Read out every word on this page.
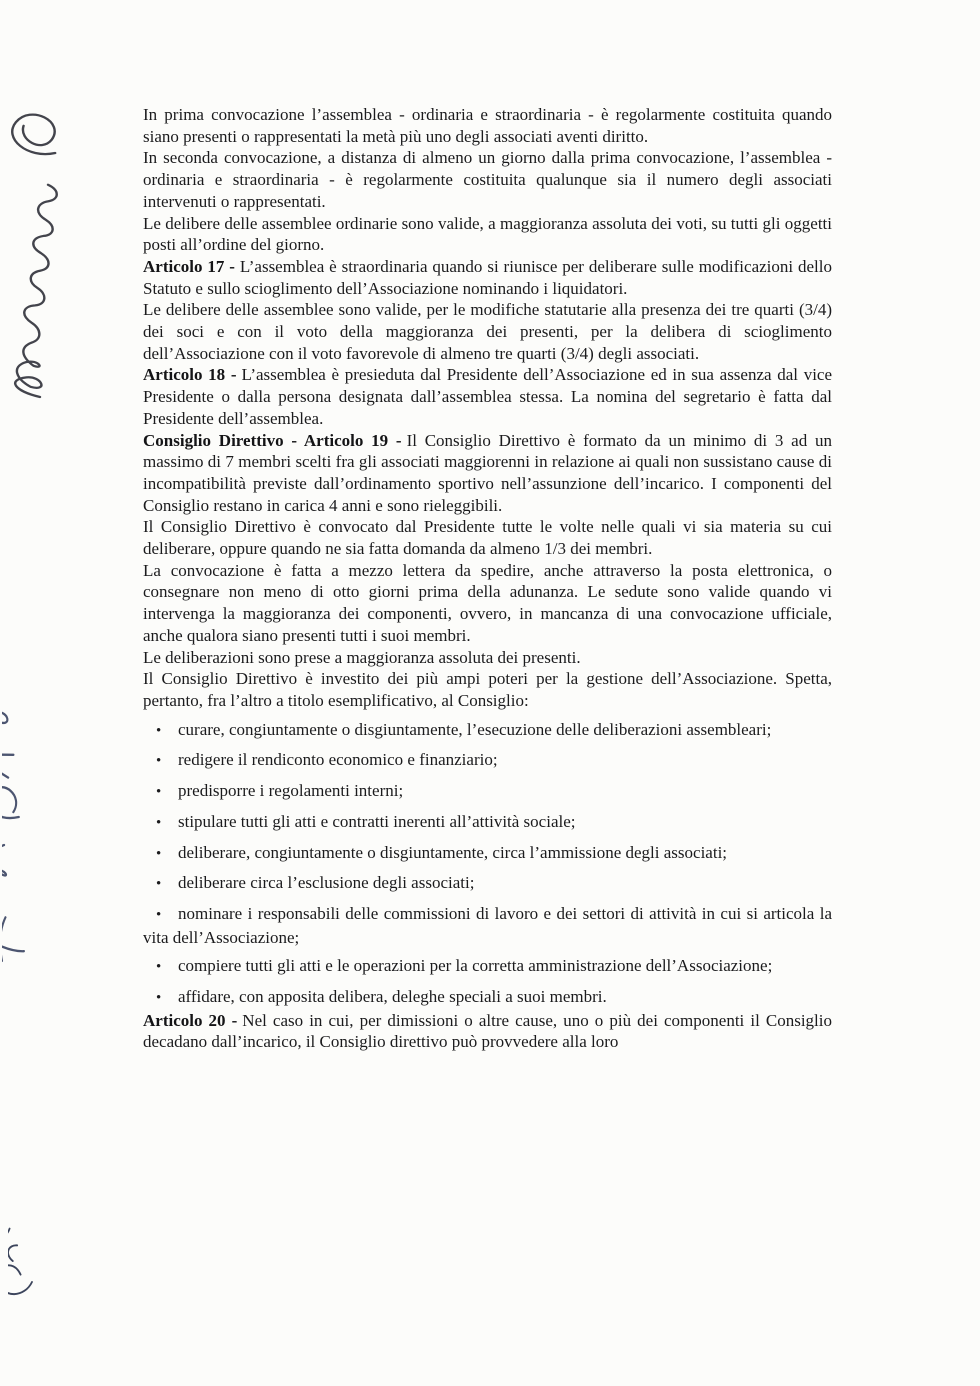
In prima convocazione l’assemblea - ordinaria e straordinaria - è regolarmente costituita quando siano presenti o rappresentati la metà più uno degli associati aventi diritto.

In seconda convocazione, a distanza di almeno un giorno dalla prima convocazione, l’assemblea - ordinaria e straordinaria - è regolarmente costituita qualunque sia il numero degli associati intervenuti o rappresentati.

Le delibere delle assemblee ordinarie sono valide, a maggioranza assoluta dei voti, su tutti gli oggetti posti all’ordine del giorno.

Articolo 17 - L’assemblea è straordinaria quando si riunisce per deliberare sulle modificazioni dello Statuto e sullo scioglimento dell’Associazione nominando i liquidatori.

Le delibere delle assemblee sono valide, per le modifiche statutarie alla presenza dei tre quarti (3/4) dei soci e con il voto della maggioranza dei presenti, per la delibera di scioglimento dell’Associazione con il voto favorevole di almeno tre quarti (3/4) degli associati.

Articolo 18 - L’assemblea è presieduta dal Presidente dell’Associazione ed in sua assenza dal vice Presidente o dalla persona designata dall’assemblea stessa. La nomina del segretario è fatta dal Presidente dell’assemblea.

Consiglio Direttivo - Articolo 19 - Il Consiglio Direttivo è formato da un minimo di 3 ad un massimo di 7 membri scelti fra gli associati maggiorenni in relazione ai quali non sussistano cause di incompatibilità previste dall’ordinamento sportivo nell’assunzione dell’incarico. I componenti del Consiglio restano in carica 4 anni e sono rieleggibili.

Il Consiglio Direttivo è convocato dal Presidente tutte le volte nelle quali vi sia materia su cui deliberare, oppure quando ne sia fatta domanda da almeno 1/3 dei membri.

La convocazione è fatta a mezzo lettera da spedire, anche attraverso la posta elettronica, o consegnare non meno di otto giorni prima della adunanza. Le sedute sono valide quando vi intervenga la maggioranza dei componenti, ovvero, in mancanza di una convocazione ufficiale, anche qualora siano presenti tutti i suoi membri.

Le deliberazioni sono prese a maggioranza assoluta dei presenti.

Il Consiglio Direttivo è investito dei più ampi poteri per la gestione dell’Associazione. Spetta, pertanto, fra l’altro a titolo esemplificativo, al Consiglio:

• curare, congiuntamente o disgiuntamente, l’esecuzione delle deliberazioni assembleari;

• redigere il rendiconto economico e finanziario;

• predisporre i regolamenti interni;

• stipulare tutti gli atti e contratti inerenti all’attività sociale;

• deliberare, congiuntamente o disgiuntamente, circa l’ammissione degli associati;

• deliberare circa l’esclusione degli associati;

• nominare i responsabili delle commissioni di lavoro e dei settori di attività in cui si articola la vita dell’Associazione;

• compiere tutti gli atti e le operazioni per la corretta amministrazione dell’Associazione;

• affidare, con apposita delibera, deleghe speciali a suoi membri.

Articolo 20 - Nel caso in cui, per dimissioni o altre cause, uno o più dei componenti il Consiglio decadano dall’incarico, il Consiglio direttivo può provvedere alla loro
